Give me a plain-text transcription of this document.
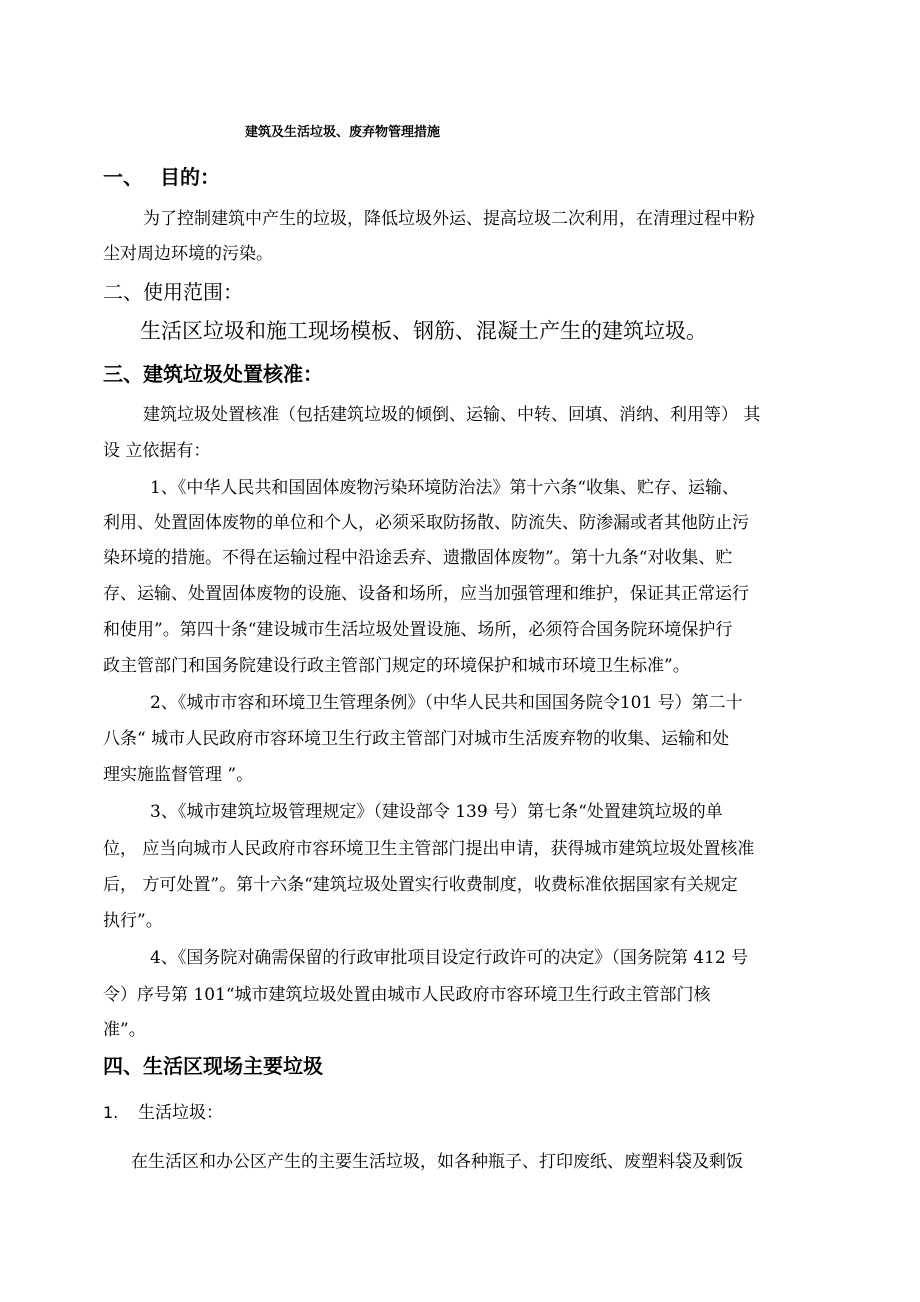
建筑及生活垃圾、废弃物管理措施
一、 目的：
为了控制建筑中产生的垃圾，降低垃圾外运、提高垃圾二次利用，在清理过程中粉
尘对周边环境的污染。
二、使用范围：
生活区垃圾和施工现场模板、钢筋、混凝土产生的建筑垃圾。
三、建筑垃圾处置核准：
建筑垃圾处置核准（包括建筑垃圾的倾倒、运输、中转、回填、消纳、利用等） 其
设 立依据有：
1、《中华人民共和国固体废物污染环境防治法》第十六条“收集、贮存、运输、
利用、处置固体废物的单位和个人，必须采取防扬散、防流失、防渗漏或者其他防止污
染环境的措施。不得在运输过程中沿途丢弃、遗撒固体废物”。第十九条“对收集、贮
存、运输、处置固体废物的设施、设备和场所，应当加强管理和维护，保证其正常运行
和使用”。第四十条“建设城市生活垃圾处置设施、场所，必须符合国务院环境保护行
政主管部门和国务院建设行政主管部门规定的环境保护和城市环境卫生标准”。
2、《城市市容和环境卫生管理条例》（中华人民共和国国务院令101 号）第二十
八条“ 城市人民政府市容环境卫生行政主管部门对城市生活废弃物的收集、运输和处
理实施监督管理 ”。
3、《城市建筑垃圾管理规定》（建设部令 139 号）第七条“处置建筑垃圾的单
位， 应当向城市人民政府市容环境卫生主管部门提出申请，获得城市建筑垃圾处置核准
后， 方可处置”。第十六条“建筑垃圾处置实行收费制度，收费标准依据国家有关规定
执行”。
4、《国务院对确需保留的行政审批项目设定行政许可的决定》（国务院第 412 号
令）序号第 101“城市建筑垃圾处置由城市人民政府市容环境卫生行政主管部门核
准”。
四、生活区现场主要垃圾
1. 生活垃圾：
在生活区和办公区产生的主要生活垃圾，如各种瓶子、打印废纸、废塑料袋及剩饭
